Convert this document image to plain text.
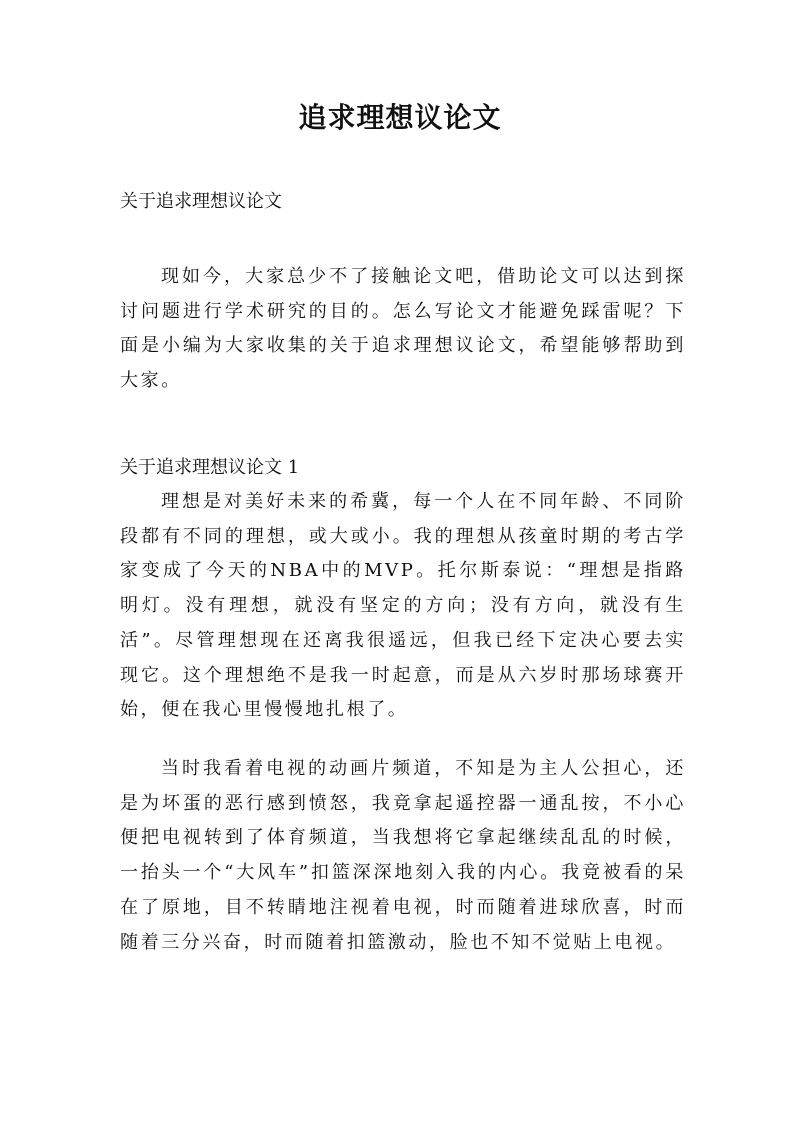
追求理想议论文
关于追求理想议论文

现如今，大家总少不了接触论文吧，借助论文可以达到探讨问题进行学术研究的目的。怎么写论文才能避免踩雷呢？下面是小编为大家收集的关于追求理想议论文，希望能够帮助到大家。

关于追求理想议论文 1

理想是对美好未来的希冀，每一个人在不同年龄、不同阶段都有不同的理想，或大或小。我的理想从孩童时期的考古学家变成了今天的NBA中的MVP。托尔斯泰说：“理想是指路明灯。没有理想，就没有坚定的方向；没有方向，就没有生活”。尽管理想现在还离我很遥远，但我已经下定决心要去实现它。这个理想绝不是我一时起意，而是从六岁时那场球赛开始，便在我心里慢慢地扎根了。

当时我看着电视的动画片频道，不知是为主人公担心，还是为坏蛋的恶行感到愤怒，我竟拿起遥控器一通乱按，不小心便把电视转到了体育频道，当我想将它拿起继续乱乱的时候，一抬头一个“大风车”扣篮深深地刻入我的内心。我竟被看的呆在了原地，目不转睛地注视着电视，时而随着进球欣喜，时而随着三分兴奋，时而随着扣篮激动，脸也不知不觉贴上电视。
